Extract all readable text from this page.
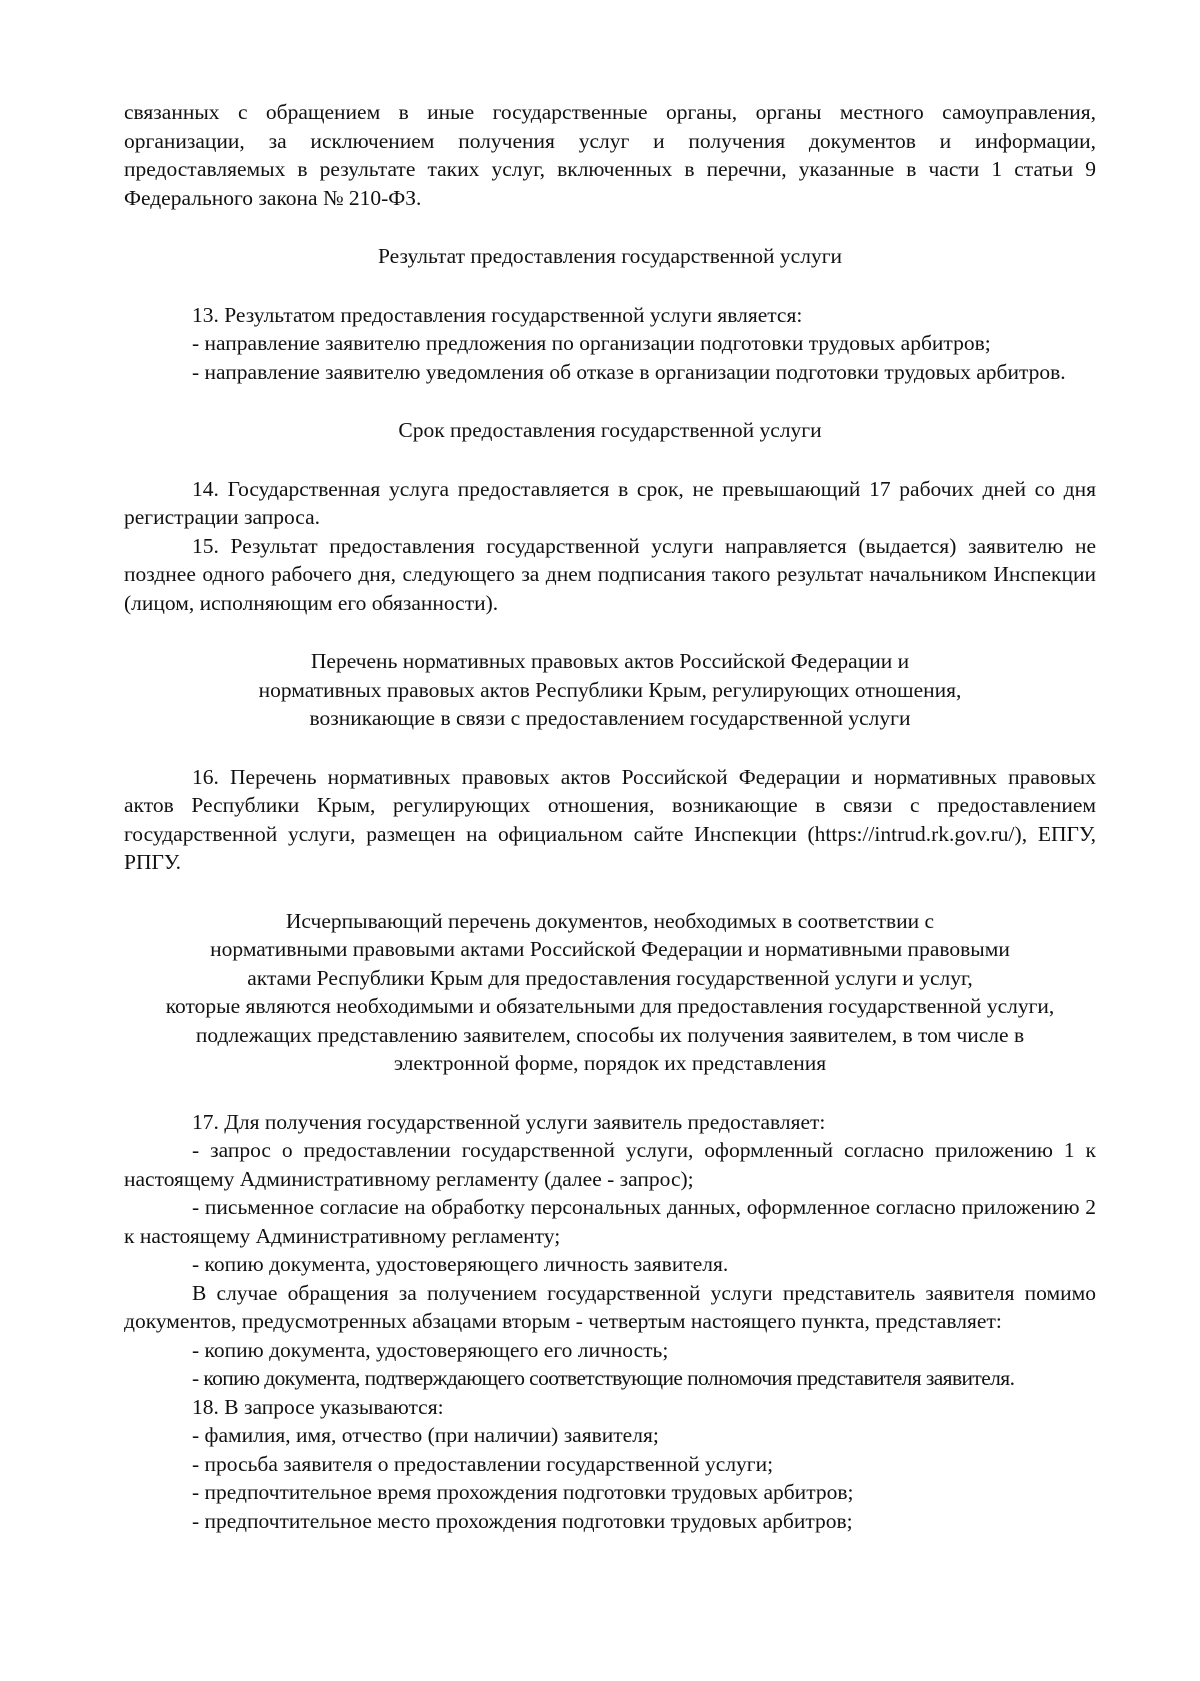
связанных с обращением в иные государственные органы, органы местного самоуправления, организации, за исключением получения услуг и получения документов и информации, предоставляемых в результате таких услуг, включенных в перечни, указанные в части 1 статьи 9 Федерального закона № 210-ФЗ.

Результат предоставления государственной услуги

13. Результатом предоставления государственной услуги является:

- направление заявителю предложения по организации подготовки трудовых арбитров;

- направление заявителю уведомления об отказе в организации подготовки трудовых арбитров.

Срок предоставления государственной услуги

14. Государственная услуга предоставляется в срок, не превышающий 17 рабочих дней со дня регистрации запроса.

15. Результат предоставления государственной услуги направляется (выдается) заявителю не позднее одного рабочего дня, следующего за днем подписания такого результат начальником Инспекции (лицом, исполняющим его обязанности).

Перечень нормативных правовых актов Российской Федерации и
нормативных правовых актов Республики Крым, регулирующих отношения,
возникающие в связи с предоставлением государственной услуги

16. Перечень нормативных правовых актов Российской Федерации и нормативных правовых актов Республики Крым, регулирующих отношения, возникающие в связи с предоставлением государственной услуги, размещен на официальном сайте Инспекции (https://intrud.rk.gov.ru/), ЕПГУ, РПГУ.

Исчерпывающий перечень документов, необходимых в соответствии с
нормативными правовыми актами Российской Федерации и нормативными правовыми
актами Республики Крым для предоставления государственной услуги и услуг,
которые являются необходимыми и обязательными для предоставления государственной услуги,
подлежащих представлению заявителем, способы их получения заявителем, в том числе в
электронной форме, порядок их представления

17. Для получения государственной услуги заявитель предоставляет:

- запрос о предоставлении государственной услуги, оформленный согласно приложению 1 к настоящему Административному регламенту (далее - запрос);

- письменное согласие на обработку персональных данных, оформленное согласно приложению 2 к настоящему Административному регламенту;

- копию документа, удостоверяющего личность заявителя.

В случае обращения за получением государственной услуги представитель заявителя помимо документов, предусмотренных абзацами вторым - четвертым настоящего пункта, представляет:

- копию документа, удостоверяющего его личность;

- копию документа, подтверждающего соответствующие полномочия представителя заявителя.

18. В запросе указываются:

- фамилия, имя, отчество (при наличии) заявителя;

- просьба заявителя о предоставлении государственной услуги;

- предпочтительное время прохождения подготовки трудовых арбитров;

- предпочтительное место прохождения подготовки трудовых арбитров;
